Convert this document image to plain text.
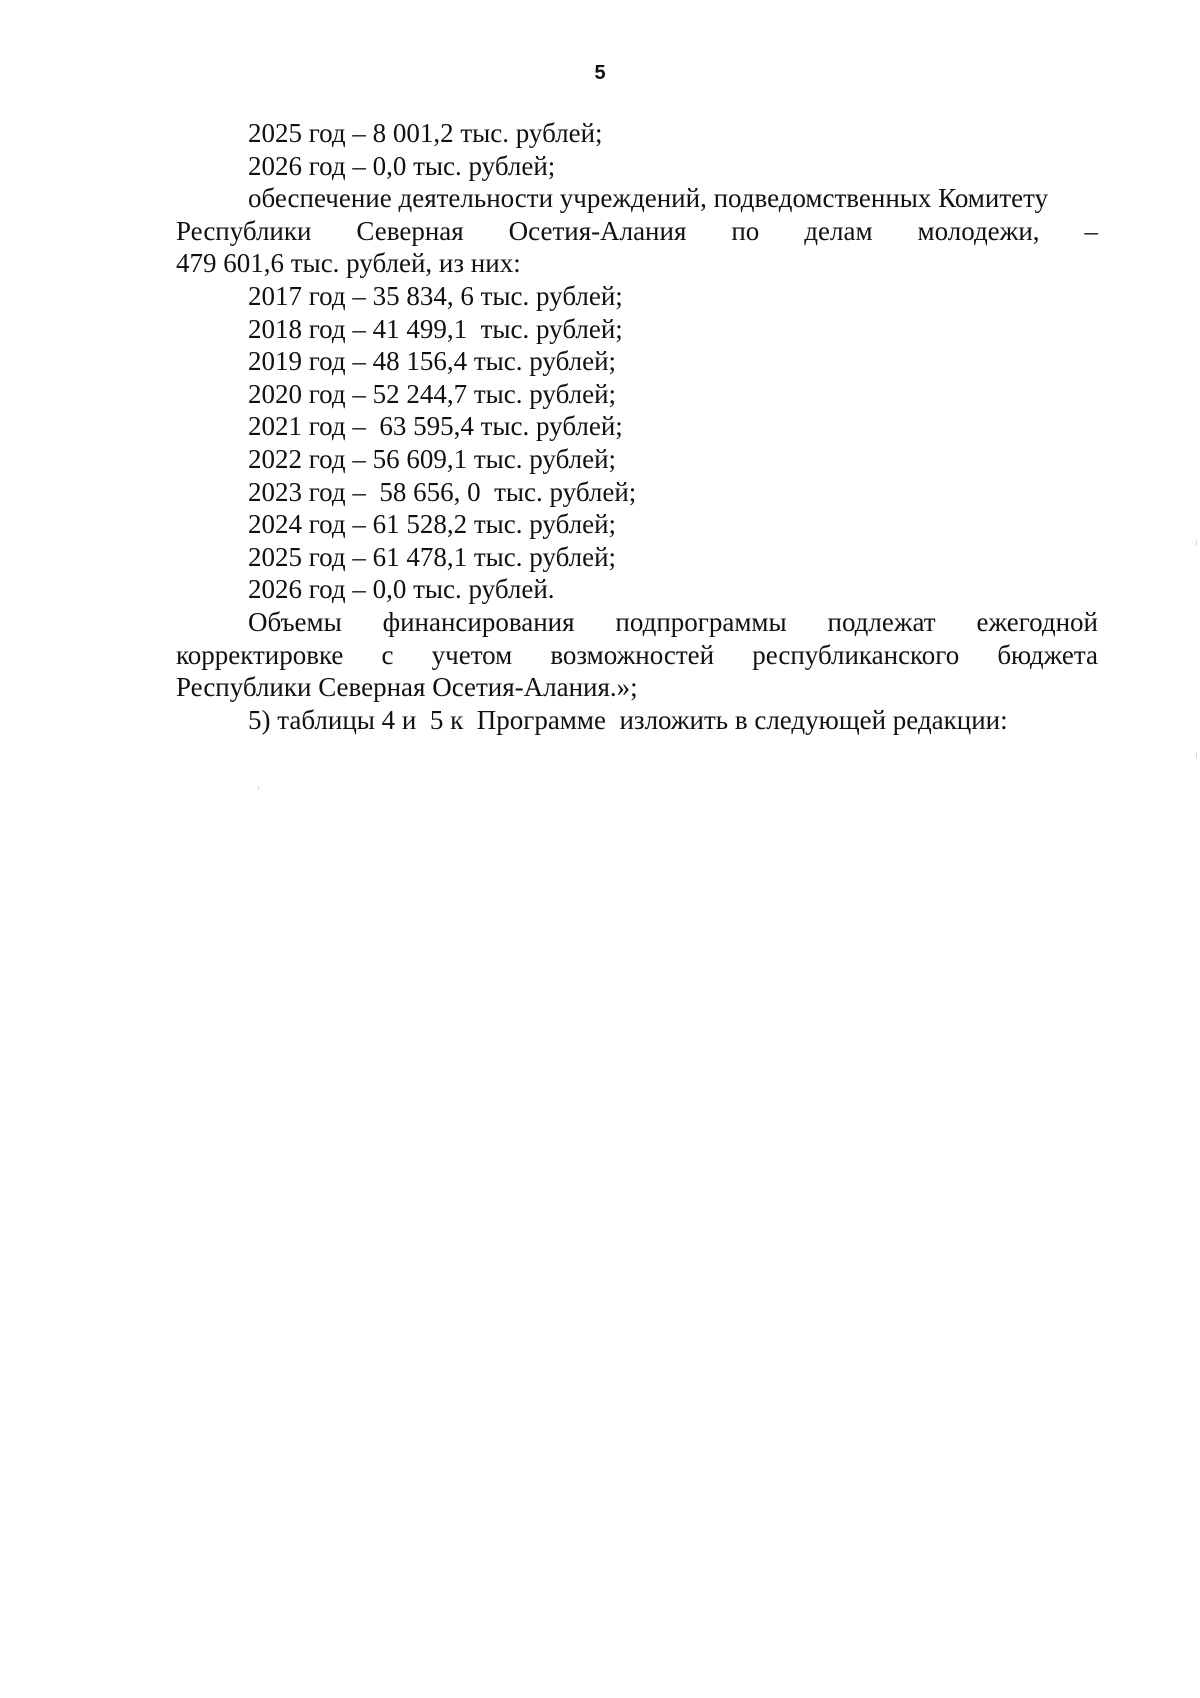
5
2025 год – 8 001,2 тыс. рублей;
2026 год – 0,0 тыс. рублей;
обеспечение деятельности учреждений, подведомственных Комитету
Республики Северная Осетия-Алания по делам молодежи, –
479 601,6 тыс. рублей, из них:
2017 год – 35 834, 6 тыс. рублей;
2018 год – 41 499,1  тыс. рублей;
2019 год – 48 156,4 тыс. рублей;
2020 год – 52 244,7 тыс. рублей;
2021 год –  63 595,4 тыс. рублей;
2022 год – 56 609,1 тыс. рублей;
2023 год –  58 656, 0  тыс. рублей;
2024 год – 61 528,2 тыс. рублей;
2025 год – 61 478,1 тыс. рублей;
2026 год – 0,0 тыс. рублей.
Объемы финансирования подпрограммы подлежат ежегодной
корректировке с учетом возможностей республиканского бюджета
Республики Северная Осетия-Алания.»;
5) таблицы 4 и  5 к  Программе  изложить в следующей редакции:
